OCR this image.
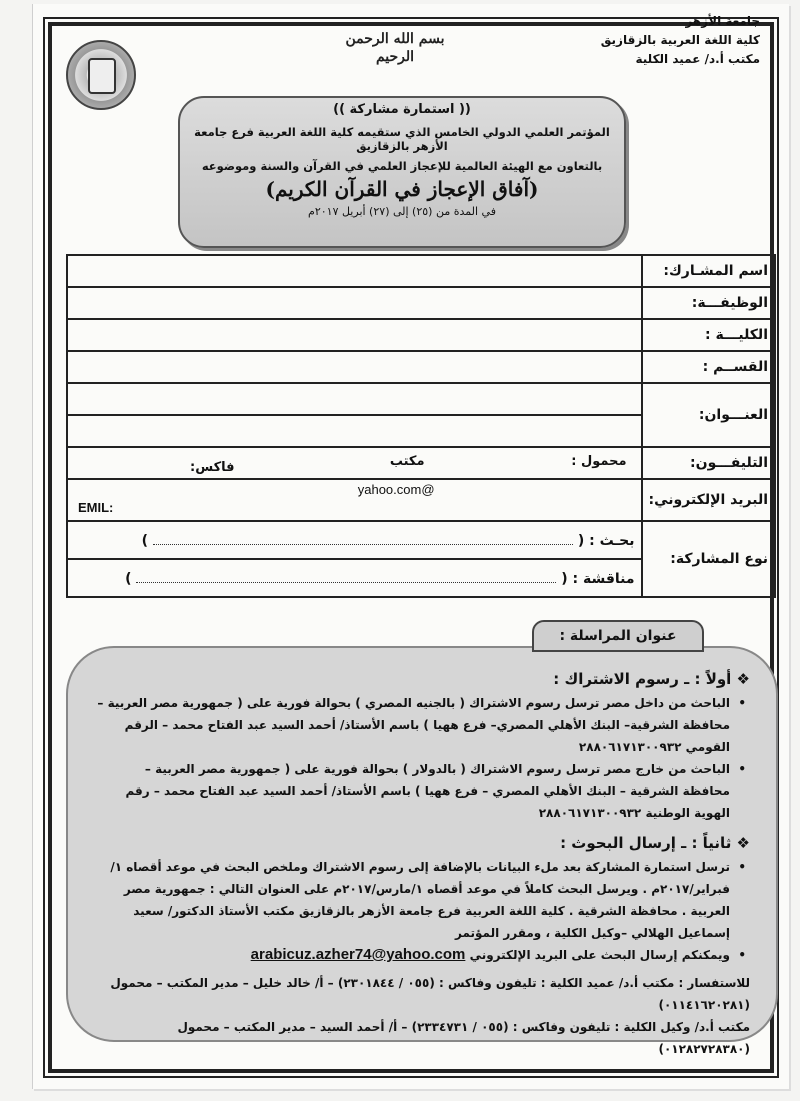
جامعة الأزهر
كلية اللغة العربية بالزقازيق
مكتب أ.د/ عميد الكلية
بسم الله الرحمن الرحيم
(( استمارة مشاركة ))
المؤتمر العلمي الدولي الخامس الذي ستقيمه كلية اللغة العربية فرع جامعة الأزهر بالزقازيق
بالتعاون مع الهيئة العالمية للإعجاز العلمي في القرآن والسنة وموضوعه
(آفاق الإعجاز في القرآن الكريم)
في المدة من (٢٥) إلى (٢٧) أبريل ٢٠١٧م
اسم المشـارك:	
الوظيفـــة:	
الكليـــة :	
القســم :	
العنـــوان:	

التليفـــون:	محمول :
مكتب
فاكس:

البريد الإلكتروني:	@yahoo.com

	EMIL:

نوع المشاركة:	بحـث : (  )
	مناقشة : (  )
❖ أولاً : ـ رسوم الاشتراك :

• الباحث من داخل مصر ترسل رسوم الاشتراك ( بالجنيه المصري ) بحوالة فورية على ( جمهورية مصر العربية – محافظة الشرقية– البنك الأهلي المصري– فرع ههيا ) باسم الأستاذ/ أحمد السيد عبد الفتاح محمد – الرقم القومي ٢٨٨٠٦١٧١٣٠٠٩٣٢

• الباحث من خارج مصر ترسل رسوم الاشتراك ( بالدولار ) بحوالة فورية على ( جمهورية مصر العربية – محافظة الشرقية – البنك الأهلي المصري – فرع ههيا ) باسم الأستاذ/ أحمد السيد عبد الفتاح محمد – رقم الهوية الوطنية ٢٨٨٠٦١٧١٣٠٠٩٣٢

❖ ثانياً : ـ إرسال البحوث :

• ترسل استمارة المشاركة بعد ملء البيانات بالإضافة إلى رسوم الاشتراك وملخص البحث في موعد أقصاه ١/فبراير/٢٠١٧م . ويرسل البحث كاملاً في موعد أقصاه ١/مارس/٢٠١٧م على العنوان التالي : جمهورية مصر العربية . محافظة الشرقية . كلية اللغة العربية فرع جامعة الأزهر بالزقازيق مكتب الأستاذ الدكتور/ سعيد إسماعيل الهلالي –وكيل الكلية ، ومقرر المؤتمر

• ويمكنكم إرسال البحث على البريد الإلكتروني arabicuz.azher74@yahoo.com

للاستفسار : مكتب أ.د/ عميد الكلية : تليفون وفاكس : (٠٥٥ / ٢٣٠١٨٤٤) – أ/ خالد خليل – مدير المكتب – محمول (٠١١٤١٦٢٠٢٨١)

مكتب أ.د/ وكيل الكلية : تليفون وفاكس : (٠٥٥ / ٢٣٣٤٧٣١) – أ/ أحمد السيد – مدير المكتب – محمول (٠١٢٨٢٧٢٨٣٨٠)

عنوان المراسلة :
